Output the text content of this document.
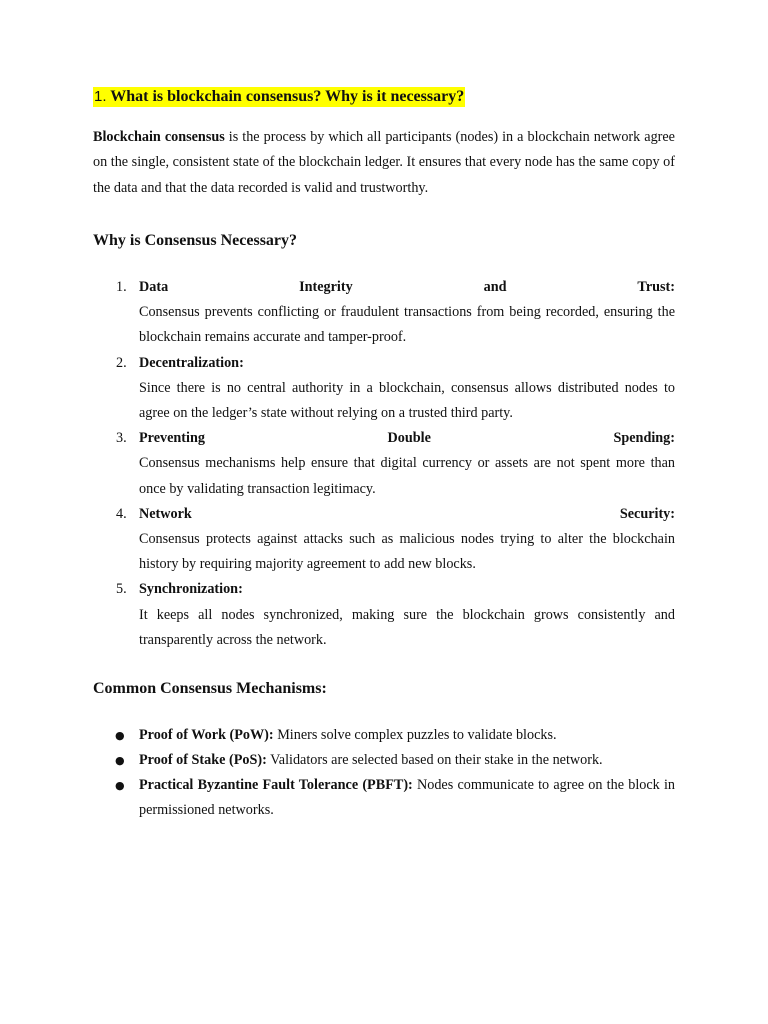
1. What is blockchain consensus? Why is it necessary?

Blockchain consensus is the process by which all participants (nodes) in a blockchain network agree on the single, consistent state of the blockchain ledger. It ensures that every node has the same copy of the data and that the data recorded is valid and trustworthy.

Why is Consensus Necessary?
1. Data	Integrity	and	Trust:
Consensus prevents conflicting or fraudulent transactions from being recorded, ensuring the blockchain remains accurate and tamper-proof.
2. Decentralization:
Since there is no central authority in a blockchain, consensus allows distributed nodes to agree on the ledger’s state without relying on a trusted third party.
3. Preventing	Double	Spending:
Consensus mechanisms help ensure that digital currency or assets are not spent more than once by validating transaction legitimacy.
4. Network	Security:
Consensus protects against attacks such as malicious nodes trying to alter the blockchain history by requiring majority agreement to add new blocks.
5. Synchronization:
It keeps all nodes synchronized, making sure the blockchain grows consistently and transparently across the network.
Common Consensus Mechanisms:
● Proof of Work (PoW): Miners solve complex puzzles to validate blocks.
● Proof of Stake (PoS): Validators are selected based on their stake in the network.
● Practical Byzantine Fault Tolerance (PBFT): Nodes communicate to agree on the block in permissioned networks.
